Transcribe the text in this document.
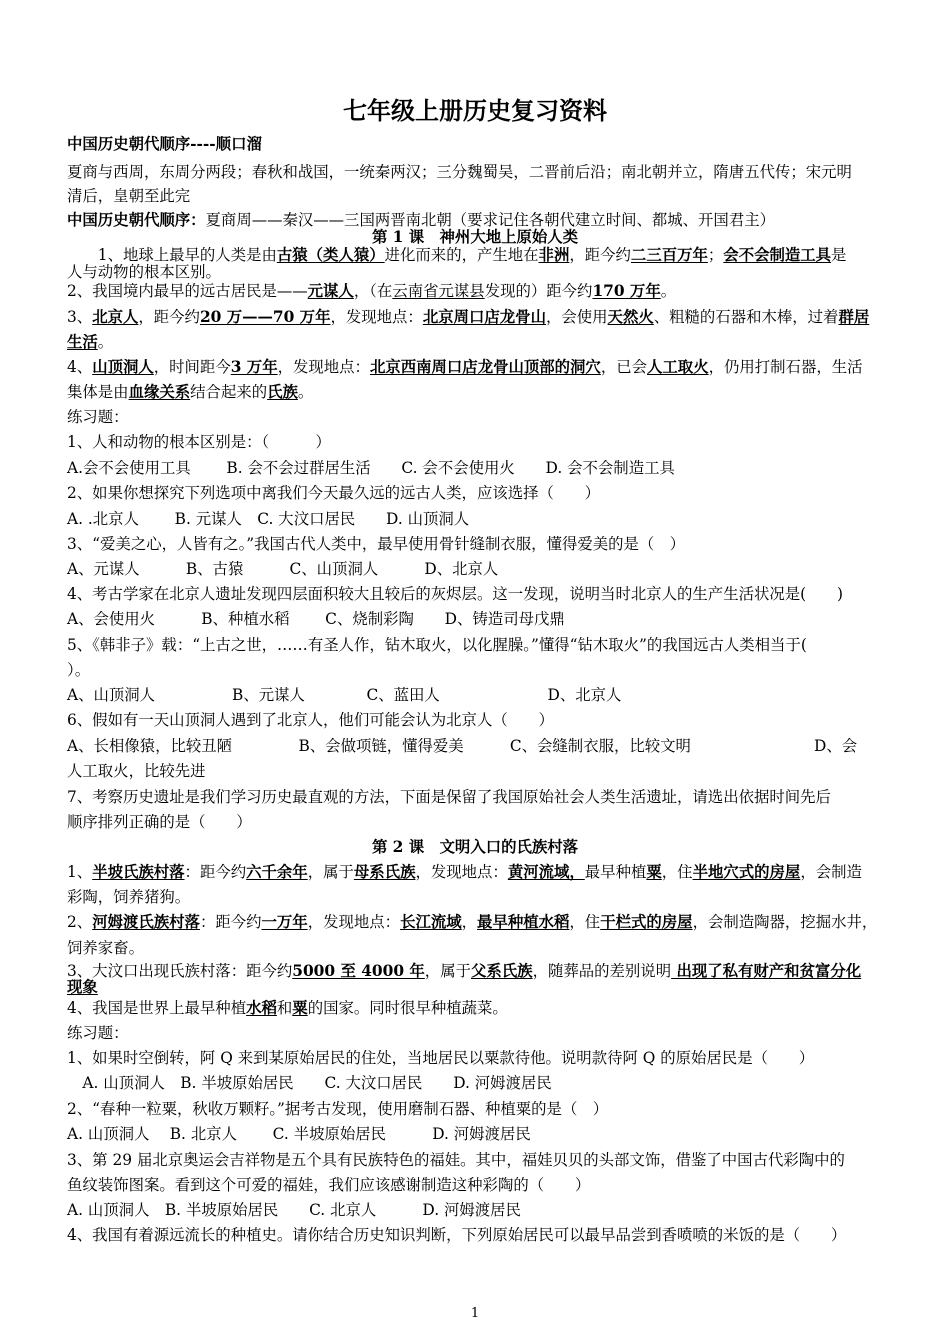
七年级上册历史复习资料
中国历史朝代顺序----顺口溜
夏商与西周，东周分两段；春秋和战国，一统秦两汉；三分魏蜀吴，二晋前后沿；南北朝并立，隋唐五代传；宋元明
清后，皇朝至此完
中国历史朝代顺序：夏商周——秦汉——三国两晋南北朝（要求记住各朝代建立时间、都城、开国君主）
第 1 课　神州大地上原始人类
　　1、地球上最早的人类是由古猿（类人猿）进化而来的，产生地在非洲，距今约二三百万年；会不会制造工具是
人与动物的根本区别。
2、我国境内最早的远古居民是——元谋人，（在云南省元谋县发现的）距今约170 万年。
3、北京人，距今约20 万——70 万年，发现地点：北京周口店龙骨山，会使用天然火、粗糙的石器和木棒，过着群居
生活。
4、山顶洞人，时间距今3 万年，发现地点：北京西南周口店龙骨山顶部的洞穴，已会人工取火，仍用打制石器，生活
集体是由血缘关系结合起来的氏族。
练习题：
1、人和动物的根本区别是：（　　　）
A.会不会使用工具　　 B. 会不会过群居生活　　C. 会不会使用火　　D. 会不会制造工具
2、如果你想探究下列选项中离我们今天最久远的远古人类，应该选择（　　）
A. .北京人　　 B. 元谋人　C. 大汶口居民　　D. 山顶洞人
3、“爱美之心，人皆有之。”我国古代人类中，最早使用骨针缝制衣服，懂得爱美的是（　）
A、元谋人　　　B、古猿　　　C、山顶洞人　　　D、北京人
4、考古学家在北京人遗址发现四层面积较大且较后的灰烬层。这一发现，说明当时北京人的生产生活状况是(　　)
A、会使用火　　　B、种植水稻　　 C、烧制彩陶　　D、铸造司母戊鼎
5、《韩非子》载：“上古之世，……有圣人作，钻木取火，以化腥臊。”懂得“钻木取火”的我国远古人类相当于(
）。
A、山顶洞人　　　　　B、元谋人　　　　C、蓝田人　　　　　　　D、北京人
6、假如有一天山顶洞人遇到了北京人，他们可能会认为北京人（　　）
A、长相像猿，比较丑陋　　　　 B、会做项链，懂得爱美　　　C、会缝制衣服，比较文明　　　　　　　　D、会
人工取火，比较先进
7、考察历史遗址是我们学习历史最直观的方法，下面是保留了我国原始社会人类生活遗址，请选出依据时间先后
顺序排列正确的是（　　）
第 2 课　文明入口的氏族村落
1、半坡氏族村落：距今约六千余年，属于母系氏族，发现地点：黄河流域，最早种植粟，住半地穴式的房屋，会制造
彩陶，饲养猪狗。
2、河姆渡氏族村落：距今约一万年，发现地点：长江流域，最早种植水稻，住干栏式的房屋，会制造陶器，挖掘水井，
饲养家畜。
3、大汶口出现氏族村落：距今约5000 至 4000 年，属于父系氏族，随葬品的差别说明 出现了私有财产和贫富分化
现象
4、我国是世界上最早种植水稻和粟的国家。同时很早种植蔬菜。
练习题：
1、如果时空倒转，阿 Q 来到某原始居民的住处，当地居民以粟款待他。说明款待阿 Q 的原始居民是（　　）
　A. 山顶洞人　B. 半坡原始居民　　C. 大汶口居民　　D. 河姆渡居民
2、“春种一粒粟，秋收万颗籽。”据考古发现，使用磨制石器、种植粟的是（　）
A. 山顶洞人　 B. 北京人　　 C. 半坡原始居民　　　D. 河姆渡居民
3、第 29 届北京奥运会吉祥物是五个具有民族特色的福娃。其中，福娃贝贝的头部文饰，借鉴了中国古代彩陶中的
鱼纹装饰图案。看到这个可爱的福娃，我们应该感谢制造这种彩陶的（　　）
A. 山顶洞人　B. 半坡原始居民　　C. 北京人　　　D. 河姆渡居民
4、我国有着源远流长的种植史。请你结合历史知识判断，下列原始居民可以最早品尝到香喷喷的米饭的是（　　）
1
